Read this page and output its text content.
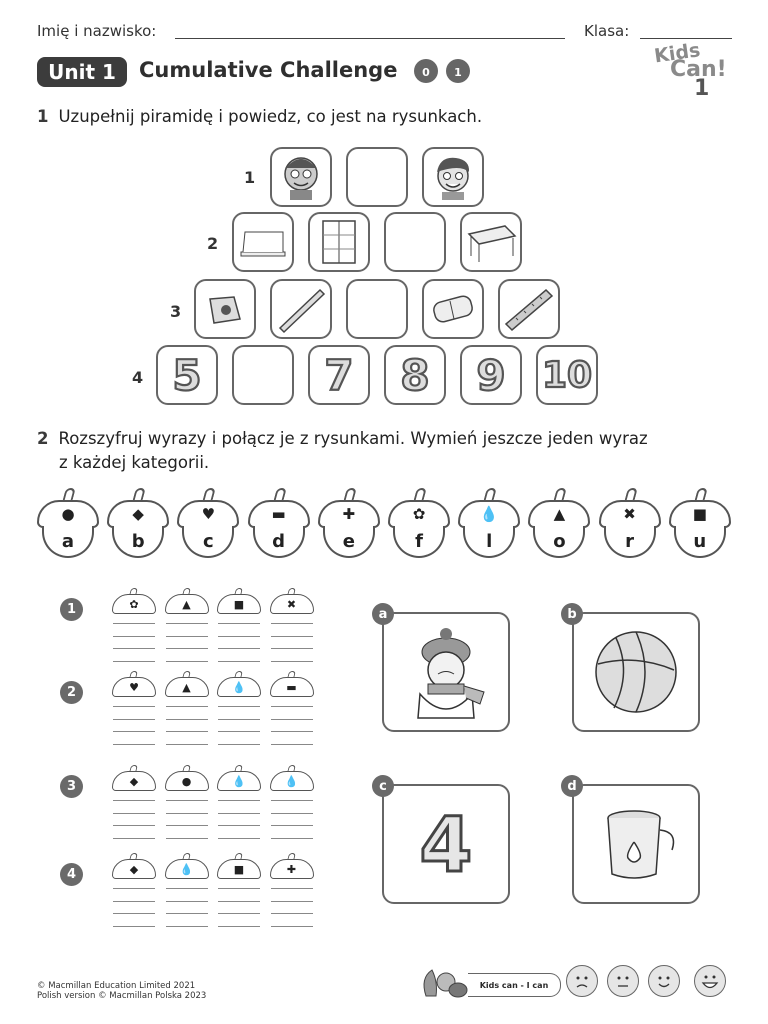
Imię i nazwisko:	Klasa:
Unit 1	Cumulative Challenge 0 1
Kids
Can!
1
1 Uzupełnij piramidę i powiedz, co jest na rysunkach.
1
2
3
4 5	7 8 9 10
2 Rozszyfruj wyrazy i połącz je z rysunkami. Wymień jeszcze jeden wyraz
z każdej kategorii.
●
a
◆
b
♥
c
▬
d
✚
e
✿
f
💧
l
▲
o
✖
r
■
u
1	✿	▲	■	✖
2	♥	▲	💧	▬
3	◆	●	💧	💧
4	◆	💧	■	✚
a	b
4
c	d
© Macmillan Education Limited 2021
Polish version © Macmillan Polska 2023
Kids can - I can
